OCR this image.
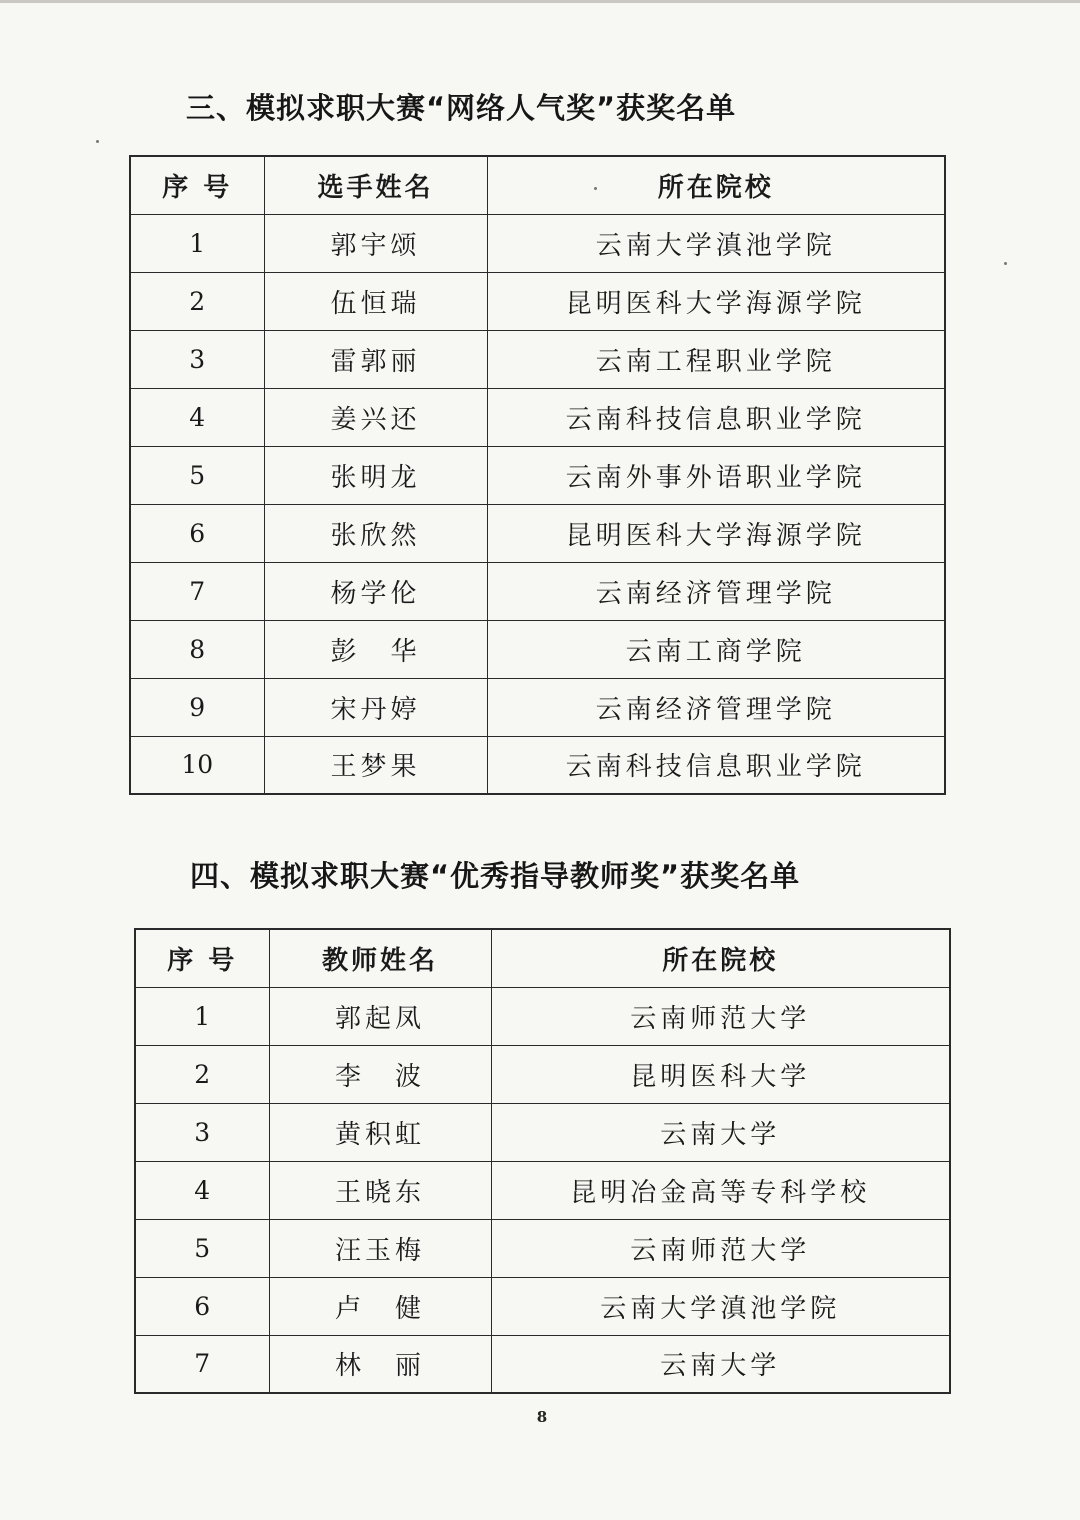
三、模拟求职大赛“网络人气奖”获奖名单
序 号	选手姓名	所在院校
1	郭宇颂	云南大学滇池学院
2	伍恒瑞	昆明医科大学海源学院
3	雷郭丽	云南工程职业学院
4	姜兴还	云南科技信息职业学院
5	张明龙	云南外事外语职业学院
6	张欣然	昆明医科大学海源学院
7	杨学伦	云南经济管理学院
8	彭　华	云南工商学院
9	宋丹婷	云南经济管理学院
10	王梦果	云南科技信息职业学院
四、模拟求职大赛“优秀指导教师奖”获奖名单
序 号	教师姓名	所在院校
1	郭起凤	云南师范大学
2	李　波	昆明医科大学
3	黄积虹	云南大学
4	王晓东	昆明冶金高等专科学校
5	汪玉梅	云南师范大学
6	卢　健	云南大学滇池学院
7	林　丽	云南大学
8
